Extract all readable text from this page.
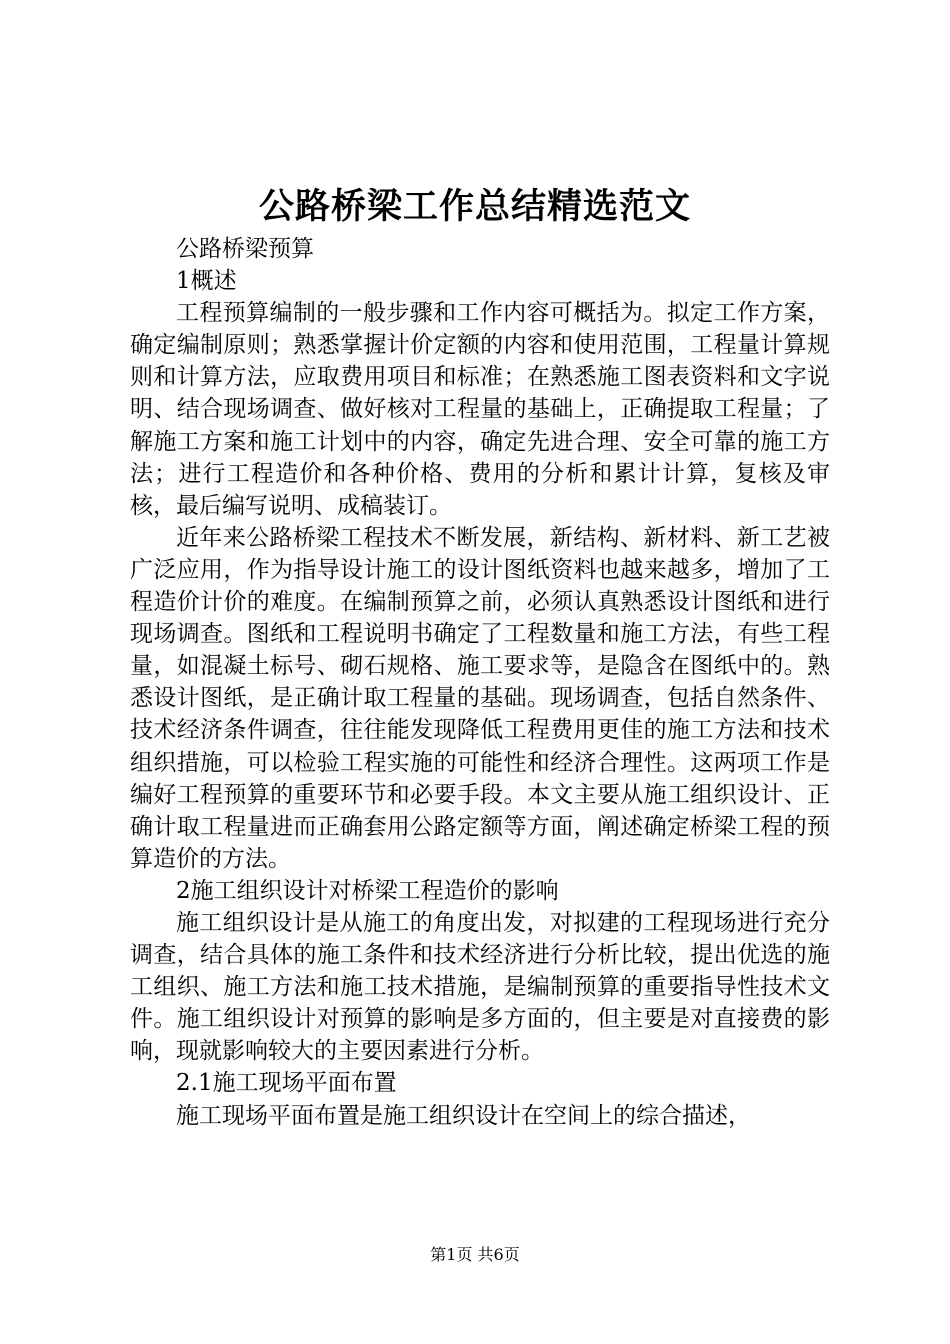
公路桥梁工作总结精选范文

公路桥梁预算

1概述

工程预算编制的一般步骤和工作内容可概括为。拟定工作方案，确定编制原则；熟悉掌握计价定额的内容和使用范围，工程量计算规则和计算方法，应取费用项目和标准；在熟悉施工图表资料和文字说明、结合现场调查、做好核对工程量的基础上，正确提取工程量；了解施工方案和施工计划中的内容，确定先进合理、安全可靠的施工方法；进行工程造价和各种价格、费用的分析和累计计算，复核及审核，最后编写说明、成稿装订。

近年来公路桥梁工程技术不断发展，新结构、新材料、新工艺被广泛应用，作为指导设计施工的设计图纸资料也越来越多，增加了工程造价计价的难度。在编制预算之前，必须认真熟悉设计图纸和进行现场调查。图纸和工程说明书确定了工程数量和施工方法，有些工程量，如混凝土标号、砌石规格、施工要求等，是隐含在图纸中的。熟悉设计图纸，是正确计取工程量的基础。现场调查，包括自然条件、技术经济条件调查，往往能发现降低工程费用更佳的施工方法和技术组织措施，可以检验工程实施的可能性和经济合理性。这两项工作是编好工程预算的重要环节和必要手段。本文主要从施工组织设计、正确计取工程量进而正确套用公路定额等方面，阐述确定桥梁工程的预算造价的方法。

2施工组织设计对桥梁工程造价的影响

施工组织设计是从施工的角度出发，对拟建的工程现场进行充分调查，结合具体的施工条件和技术经济进行分析比较，提出优选的施工组织、施工方法和施工技术措施，是编制预算的重要指导性技术文件。施工组织设计对预算的影响是多方面的，但主要是对直接费的影响，现就影响较大的主要因素进行分析。

2.1施工现场平面布置

施工现场平面布置是施工组织设计在空间上的综合描述，

第1页 共6页
